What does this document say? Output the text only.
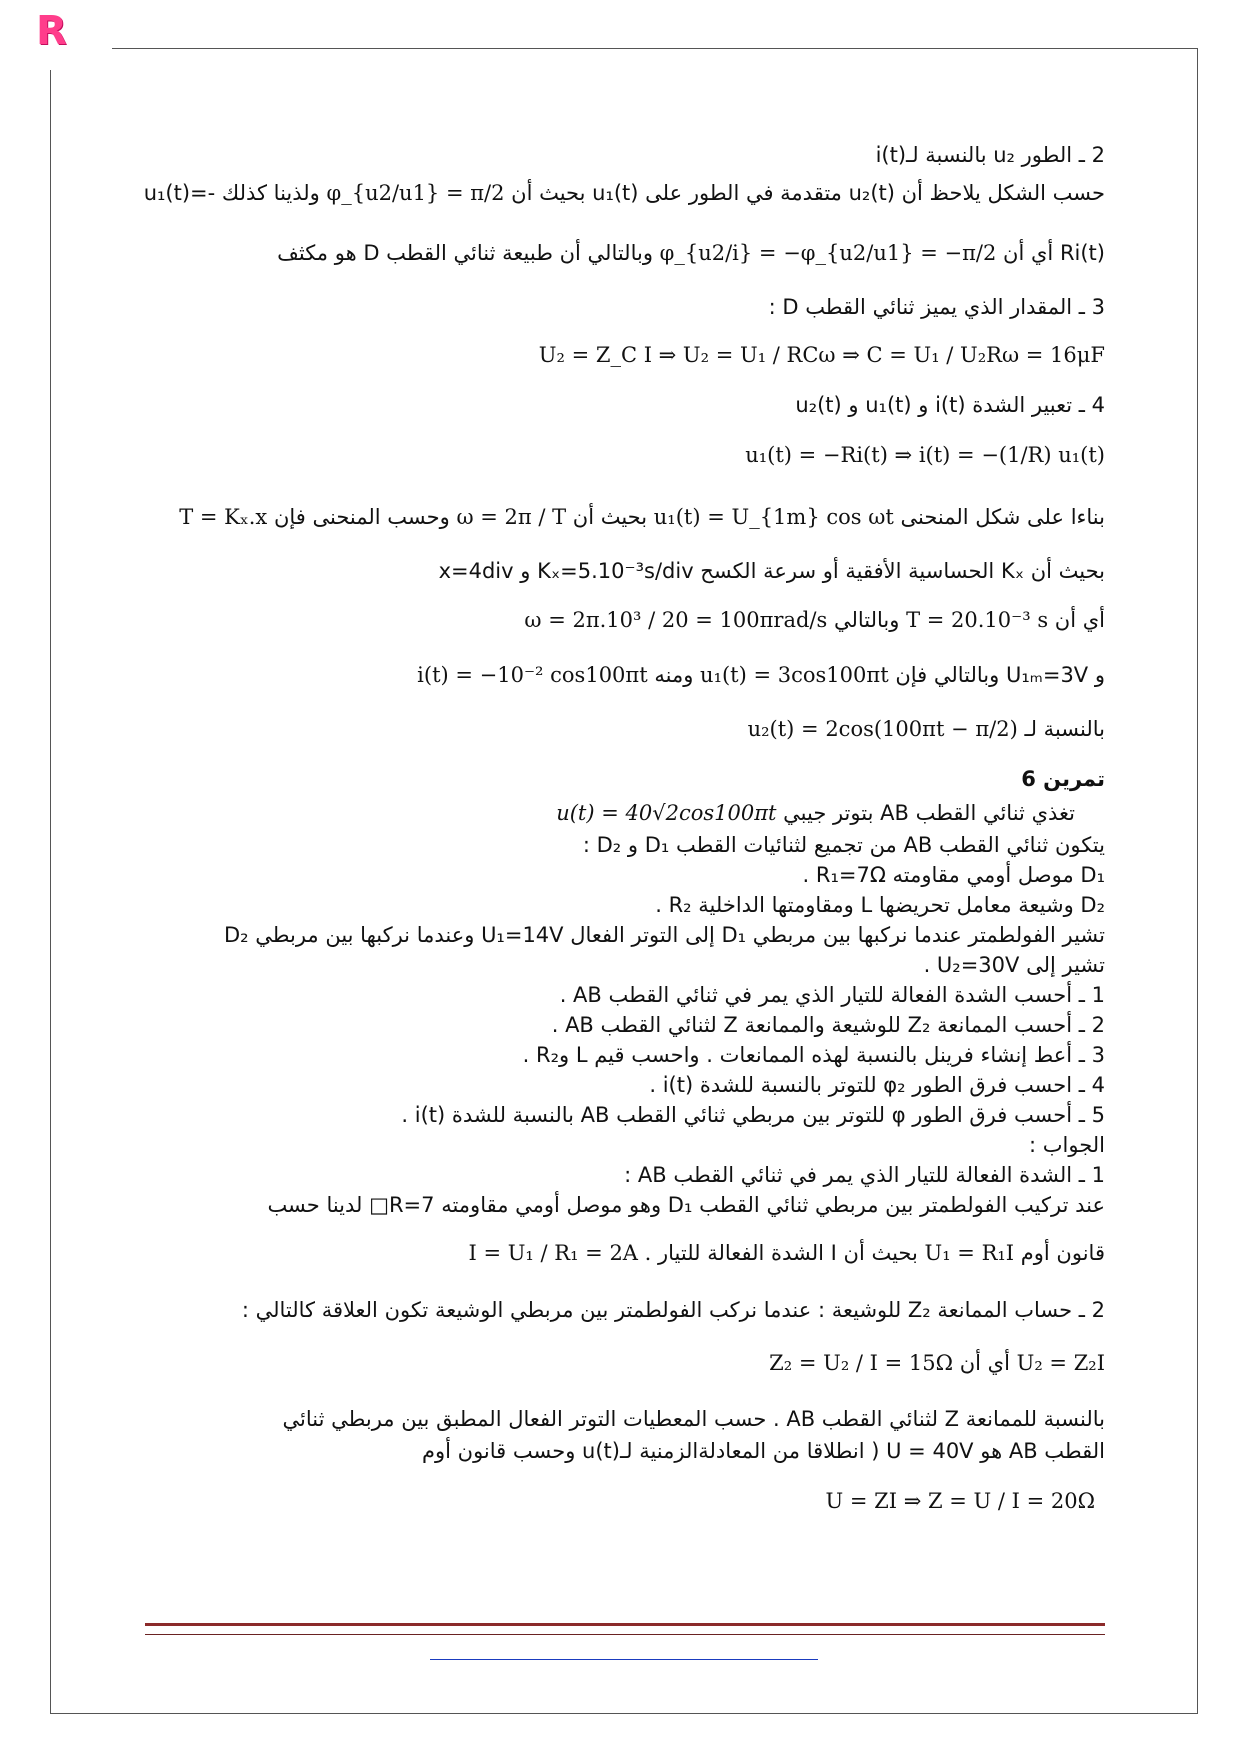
R
2 ـ الطور u₂ بالنسبة لـ(i(t
حسب الشكل يلاحظ أن (u₂(t متقدمة في الطور على (u₁(t بحيث أن φ_{u2/u1} = π/2 ولذينا كذلك -=(u₁(t
(Ri(t أي أن φ_{u2/i} = −φ_{u2/u1} = −π/2 وبالتالي أن طبيعة ثنائي القطب D هو مكثف
3 ـ المقدار الذي يميز ثنائي القطب D :
U₂ = Z_C I ⇒ U₂ = U₁ / RCω ⇒ C = U₁ / U₂Rω = 16μF
4 ـ تعبير الشدة (i(t و (u₁(t و (u₂(t
u₁(t) = −Ri(t) ⇒ i(t) = −(1/R) u₁(t)
بناءا على شكل المنحنى u₁(t) = U_{1m} cos ωt بحيث أن ω = 2π / T وحسب المنحنى فإن T = Kₓ.x
بحيث أن Kₓ الحساسية الأفقية أو سرعة الكسح Kₓ=5.10⁻³s/div و x=4div
أي أن T = 20.10⁻³ s وبالتالي ω = 2π.10³ / 20 = 100πrad/s
و U₁ₘ=3V وبالتالي فإن u₁(t) = 3cos100πt ومنه i(t) = −10⁻² cos100πt
بالنسبة لـ u₂(t) = 2cos(100πt − π/2)
تمرين 6
تغذي ثنائي القطب AB بتوتر جيبي u(t) = 40√2cos100πt
يتكون ثنائي القطب AB من تجميع لثنائيات القطب D₁ و D₂ :
D₁ موصل أومي مقاومته R₁=7Ω .
D₂ وشيعة معامل تحريضها L ومقاومتها الداخلية R₂ .
تشير الفولطمتر عندما نركبها بين مربطي D₁ إلى التوتر الفعال U₁=14V وعندما نركبها بين مربطي D₂
تشير إلى U₂=30V .
1 ـ أحسب الشدة الفعالة للتيار الذي يمر في ثنائي القطب AB .
2 ـ أحسب الممانعة Z₂ للوشيعة والممانعة Z لثنائي القطب AB .
3 ـ أعط إنشاء فرينل بالنسبة لهذه الممانعات . واحسب قيم L وR₂ .
4 ـ احسب فرق الطور φ₂ للتوتر بالنسبة للشدة (i(t .
5 ـ أحسب فرق الطور φ للتوتر بين مربطي ثنائي القطب AB بالنسبة للشدة (i(t .
الجواب :
1 ـ الشدة الفعالة للتيار الذي يمر في ثنائي القطب AB :
عند تركيب الفولطمتر بين مربطي ثنائي القطب D₁ وهو موصل أومي مقاومته R=7□ لدينا حسب
قانون أوم U₁ = R₁I بحيث أن I الشدة الفعالة للتيار I = U₁ / R₁ = 2A .
2 ـ حساب الممانعة Z₂ للوشيعة : عندما نركب الفولطمتر بين مربطي الوشيعة تكون العلاقة كالتالي :
U₂ = Z₂I أي أن Z₂ = U₂ / I = 15Ω
بالنسبة للممانعة Z لثنائي القطب AB . حسب المعطيات التوتر الفعال المطبق بين مربطي ثنائي
القطب AB هو U = 40V ( انطلاقا من المعادلةالزمنية لـ(u(t وحسب قانون أوم
U = ZI ⇒ Z = U / I = 20Ω
